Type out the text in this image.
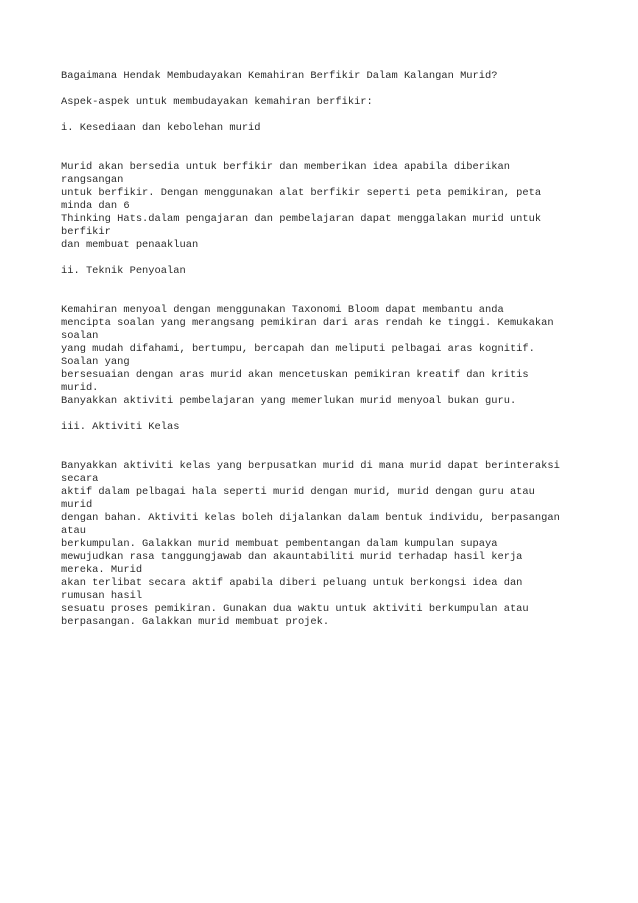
Bagaimana Hendak Membudayakan Kemahiran Berfikir Dalam Kalangan Murid?
Aspek-aspek untuk membudayakan kemahiran berfikir:
i. Kesediaan dan kebolehan murid
Murid akan bersedia untuk berfikir dan memberikan idea apabila diberikan
rangsangan
untuk berfikir. Dengan menggunakan alat berfikir seperti peta pemikiran, peta
minda dan 6
Thinking Hats.dalam pengajaran dan pembelajaran dapat menggalakan murid untuk
berfikir
dan membuat penaakluan
ii. Teknik Penyoalan
Kemahiran menyoal dengan menggunakan Taxonomi Bloom dapat membantu anda
mencipta soalan yang merangsang pemikiran dari aras rendah ke tinggi. Kemukakan
soalan
yang mudah difahami, bertumpu, bercapah dan meliputi pelbagai aras kognitif.
Soalan yang
bersesuaian dengan aras murid akan mencetuskan pemikiran kreatif dan kritis
murid.
Banyakkan aktiviti pembelajaran yang memerlukan murid menyoal bukan guru.
iii. Aktiviti Kelas
Banyakkan aktiviti kelas yang berpusatkan murid di mana murid dapat berinteraksi
secara
aktif dalam pelbagai hala seperti murid dengan murid, murid dengan guru atau
murid
dengan bahan. Aktiviti kelas boleh dijalankan dalam bentuk individu, berpasangan
atau
berkumpulan. Galakkan murid membuat pembentangan dalam kumpulan supaya
mewujudkan rasa tanggungjawab dan akauntabiliti murid terhadap hasil kerja
mereka. Murid
akan terlibat secara aktif apabila diberi peluang untuk berkongsi idea dan
rumusan hasil
sesuatu proses pemikiran. Gunakan dua waktu untuk aktiviti berkumpulan atau
berpasangan. Galakkan murid membuat projek.
